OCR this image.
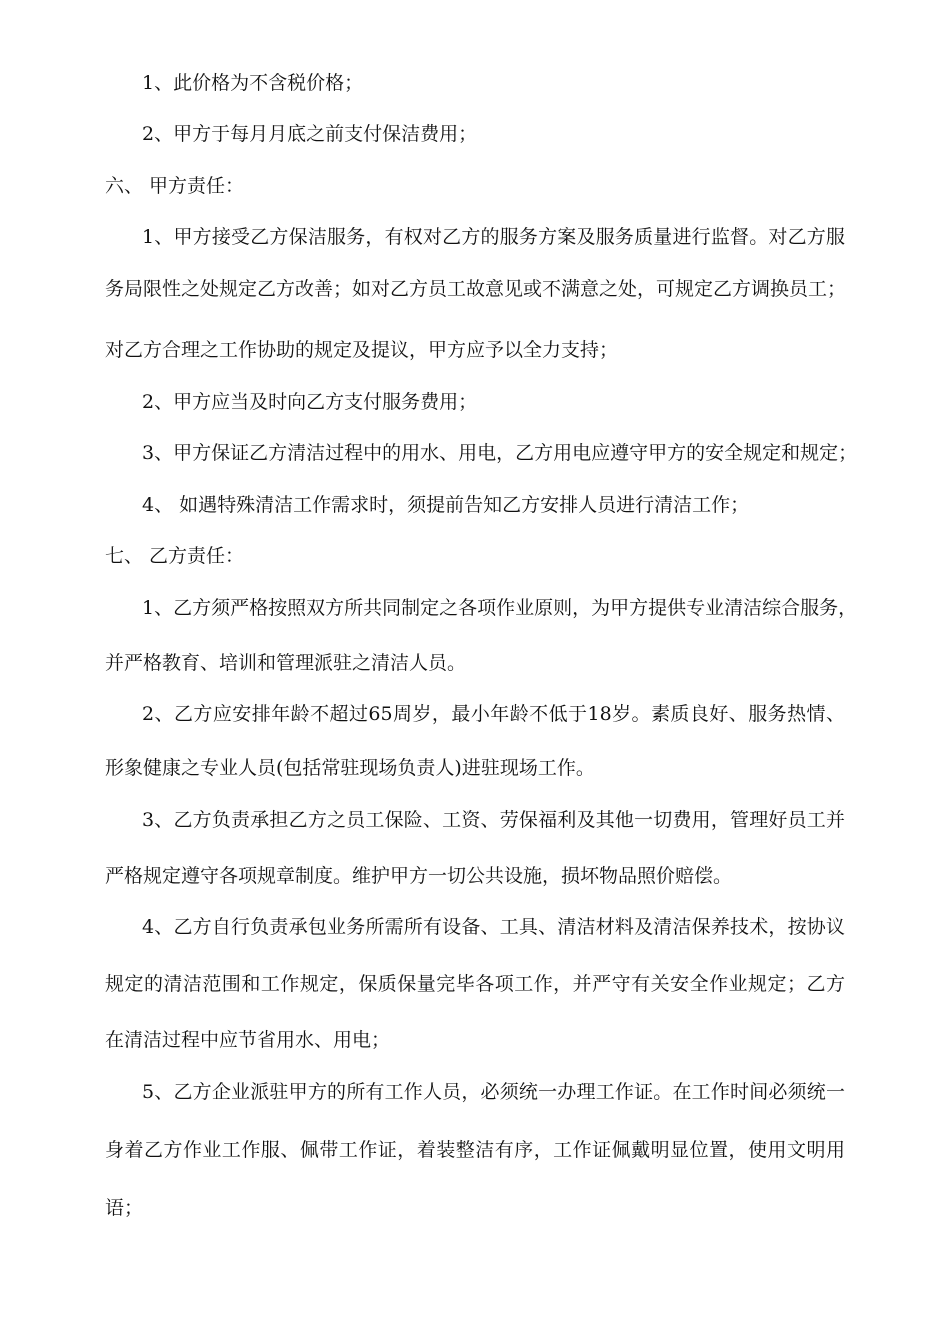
1、此价格为不含税价格；
2、甲方于每月月底之前支付保洁费用；
六、 甲方责任：
1、甲方接受乙方保洁服务，有权对乙方的服务方案及服务质量进行监督。对乙方服
务局限性之处规定乙方改善；如对乙方员工故意见或不满意之处，可规定乙方调换员工；
对乙方合理之工作协助的规定及提议，甲方应予以全力支持；
2、甲方应当及时向乙方支付服务费用；
3、甲方保证乙方清洁过程中的用水、用电，乙方用电应遵守甲方的安全规定和规定；
4、 如遇特殊清洁工作需求时，须提前告知乙方安排人员进行清洁工作；
七、 乙方责任：
1、乙方须严格按照双方所共同制定之各项作业原则，为甲方提供专业清洁综合服务，
并严格教育、培训和管理派驻之清洁人员。
2、乙方应安排年龄不超过65周岁，最小年龄不低于18岁。素质良好、服务热情、
形象健康之专业人员(包括常驻现场负责人)进驻现场工作。
3、乙方负责承担乙方之员工保险、工资、劳保福利及其他一切费用，管理好员工并
严格规定遵守各项规章制度。维护甲方一切公共设施，损坏物品照价赔偿。
4、乙方自行负责承包业务所需所有设备、工具、清洁材料及清洁保养技术，按协议
规定的清洁范围和工作规定，保质保量完毕各项工作，并严守有关安全作业规定；乙方
在清洁过程中应节省用水、用电；
5、乙方企业派驻甲方的所有工作人员，必须统一办理工作证。在工作时间必须统一
身着乙方作业工作服、佩带工作证，着装整洁有序，工作证佩戴明显位置，使用文明用
语；
